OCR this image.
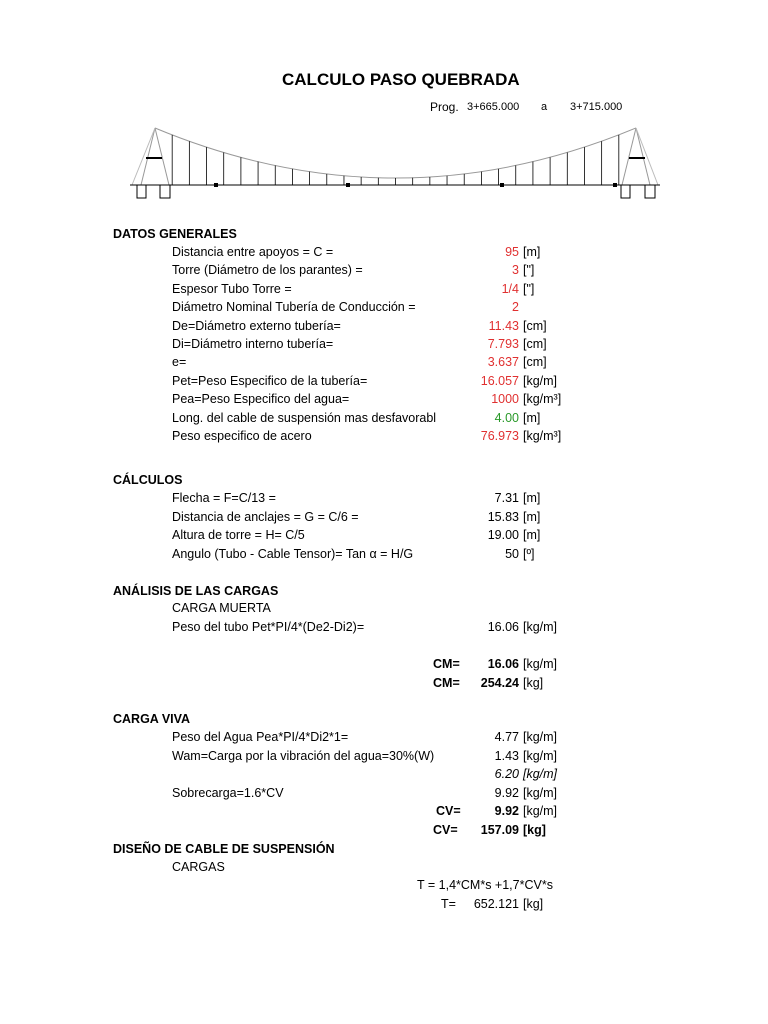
CALCULO PASO QUEBRADA
Prog. 3+665.000 a 3+715.000
DATOS GENERALES
Distancia entre apoyos = C =	95 [m]
Torre (Diámetro de los parantes) =	3 ["]
Espesor Tubo Torre =	1/4 ["]
Diámetro Nominal Tubería de Conducción =	2
De=Diámetro externo tubería=	11.43 [cm]
Di=Diámetro interno tubería=	7.793 [cm]
e=	3.637 [cm]
Pet=Peso Especifico de la tubería=	16.057 [kg/m]
Pea=Peso Especifico del agua=	1000 [kg/m³]
Long. del cable de suspensión mas desfavorabl	4.00 [m]
Peso especifico de acero	76.973 [kg/m³]
CÁLCULOS
Flecha = F=C/13 =	7.31 [m]
Distancia de anclajes = G = C/6 =	15.83 [m]
Altura de torre = H= C/5	19.00 [m]
Angulo (Tubo - Cable Tensor)= Tan α = H/G	50 [º]
ANÁLISIS DE LAS CARGAS
CARGA MUERTA
Peso del tubo Pet*PI/4*(De2-Di2)=	16.06 [kg/m]
CM= 16.06 [kg/m]
CM= 254.24 [kg]
CARGA VIVA
Peso del Agua Pea*PI/4*Di2*1=	4.77 [kg/m]
Wam=Carga por la vibración del agua=30%(W)	1.43 [kg/m]
6.20 [kg/m]
Sobrecarga=1.6*CV	9.92 [kg/m]
CV=	9.92 [kg/m]
CV= 157.09 [kg]
DISEÑO DE CABLE DE SUSPENSIÓN
CARGAS
T = 1,4*CM*s +1,7*CV*s
T= 652.121 [kg]
